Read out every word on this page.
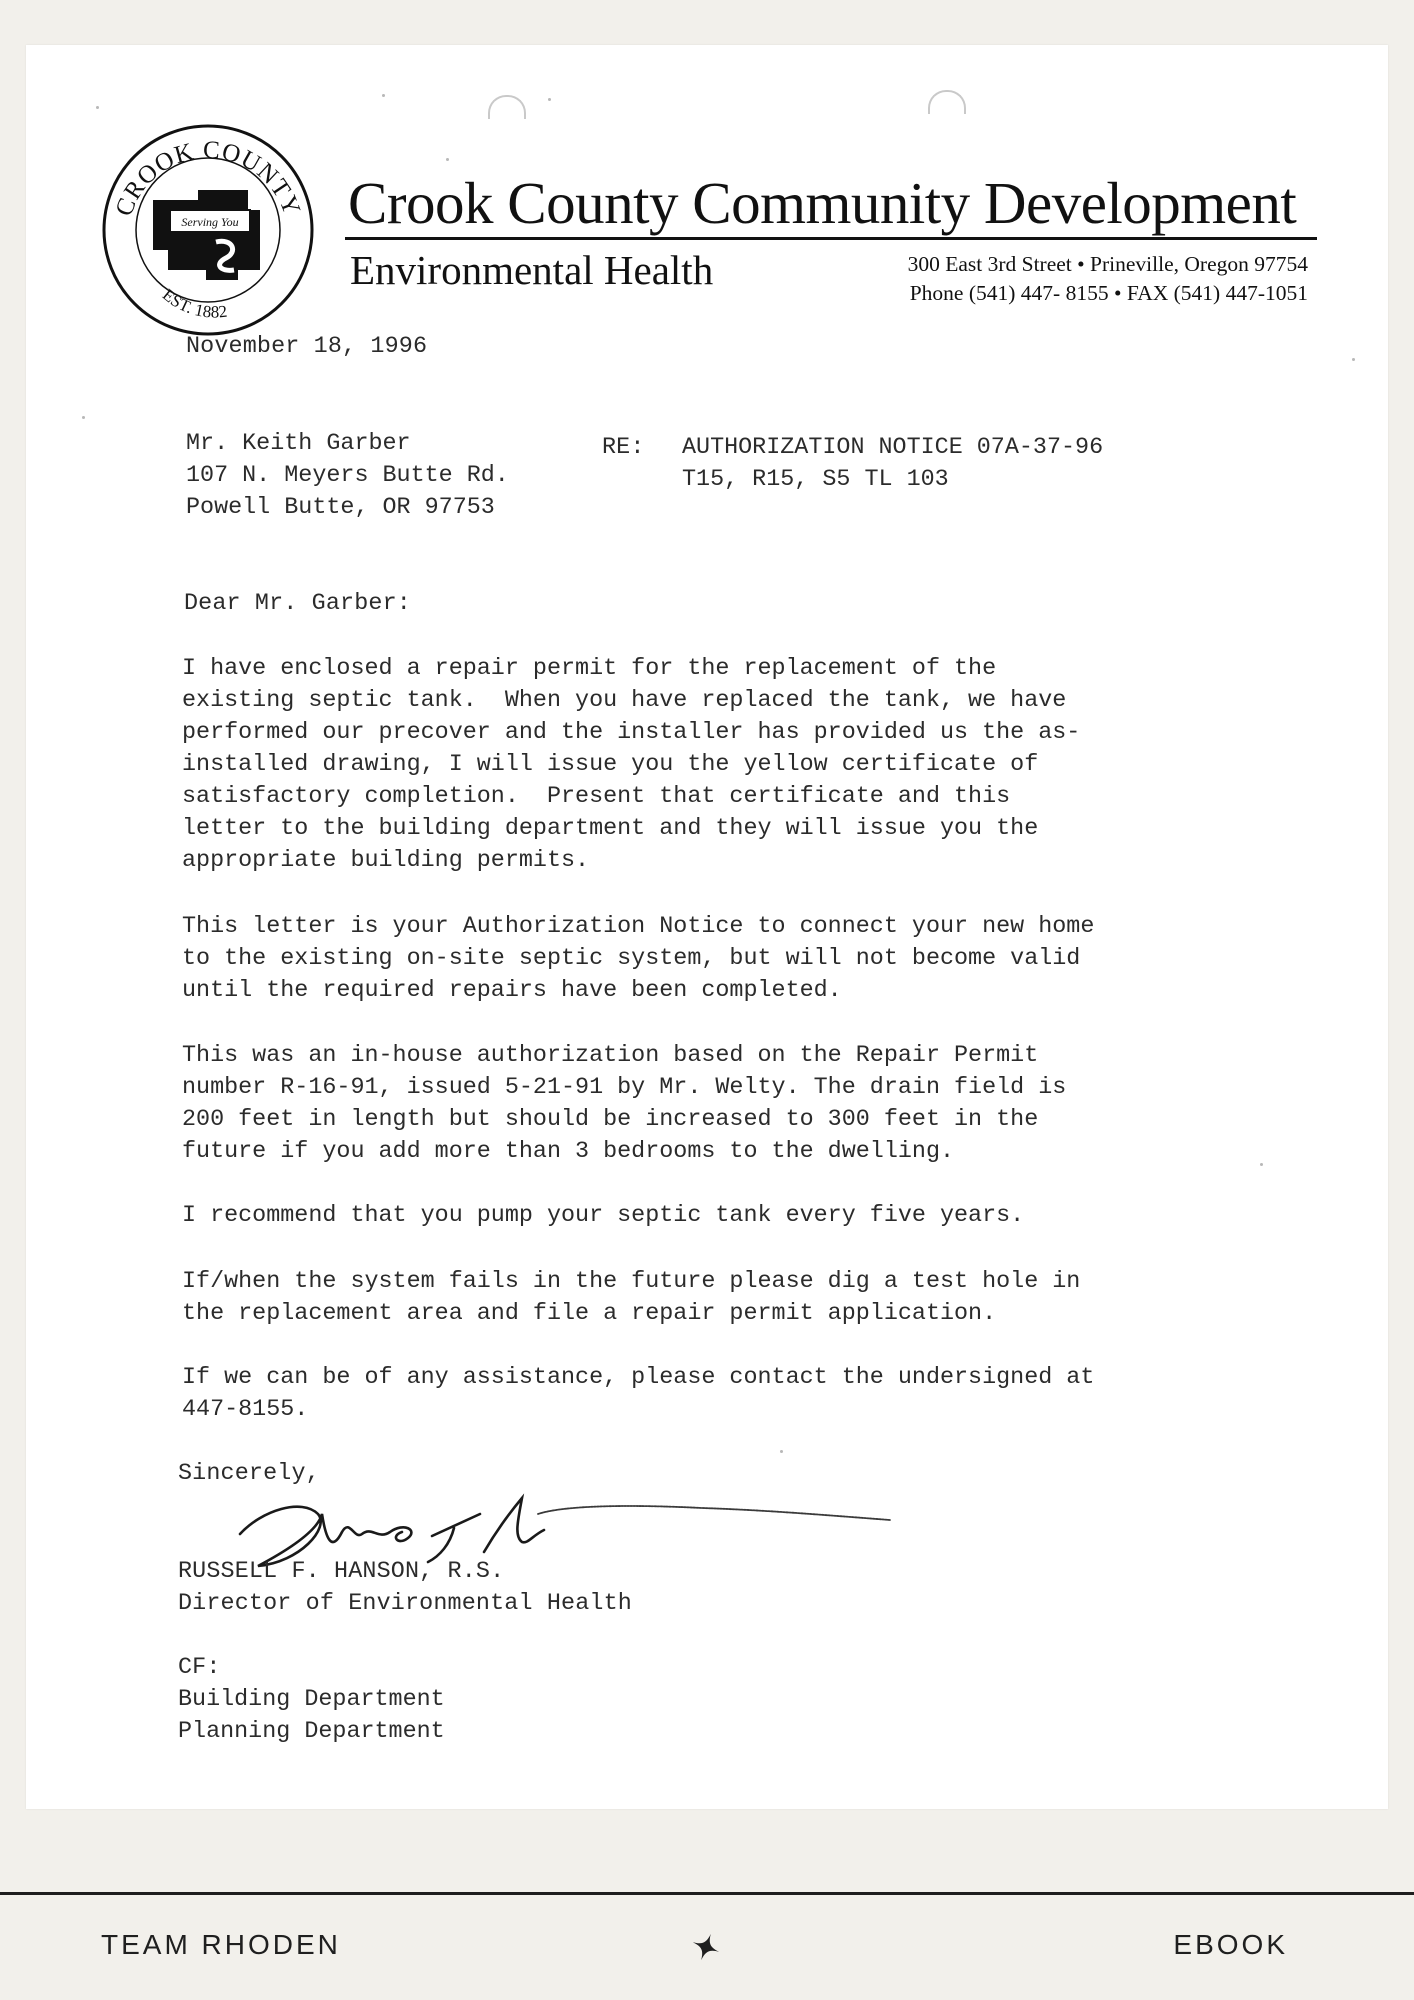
CROOK COUNTY
Serving You
EST. 1882
Crook County Community Development
Environmental Health	300 East 3rd Street • Prineville, Oregon 97754
Phone (541) 447- 8155 • FAX (541) 447-1051
November 18, 1996
Mr. Keith Garber
107 N. Meyers Butte Rd.
Powell Butte, OR 97753
RE: AUTHORIZATION NOTICE 07A-37-96
T15, R15, S5 TL 103
Dear Mr. Garber:
I have enclosed a repair permit for the replacement of the
existing septic tank.  When you have replaced the tank, we have
performed our precover and the installer has provided us the as-
installed drawing, I will issue you the yellow certificate of
satisfactory completion.  Present that certificate and this
letter to the building department and they will issue you the
appropriate building permits.
This letter is your Authorization Notice to connect your new home
to the existing on-site septic system, but will not become valid
until the required repairs have been completed.
This was an in-house authorization based on the Repair Permit
number R-16-91, issued 5-21-91 by Mr. Welty. The drain field is
200 feet in length but should be increased to 300 feet in the
future if you add more than 3 bedrooms to the dwelling.
I recommend that you pump your septic tank every five years.
If/when the system fails in the future please dig a test hole in
the replacement area and file a repair permit application.
If we can be of any assistance, please contact the undersigned at
447-8155.
Sincerely,
RUSSELL F. HANSON, R.S.
Director of Environmental Health
CF:
Building Department
Planning Department
TEAM RHODEN	EBOOK
